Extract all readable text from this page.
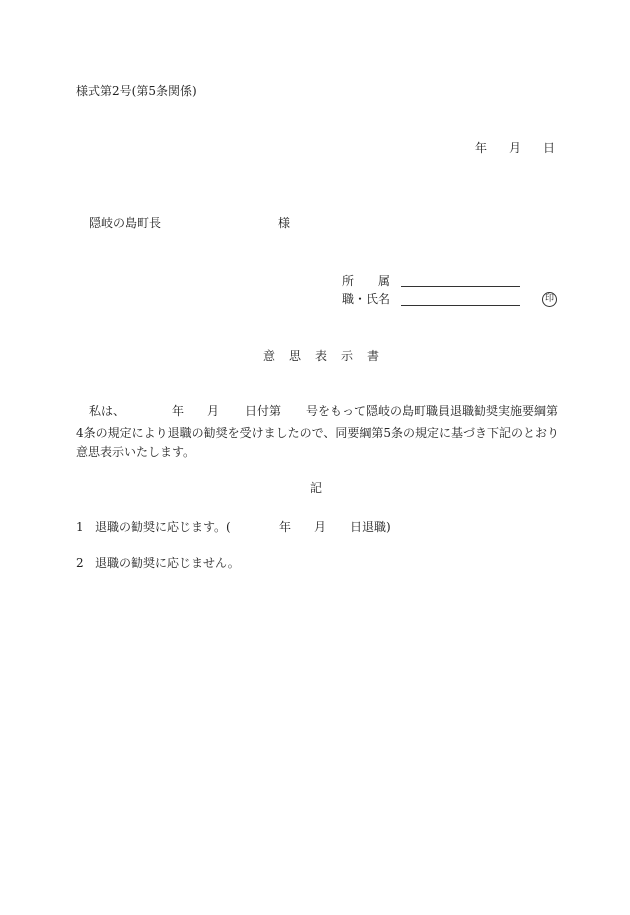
様式第2号(第5条関係)
年 月 日
隠岐の島町長	様
所　　属
職・氏名	印
意　思　表　示　書
私は、	年 月 日付第 号をもって隠岐の島町職員退職勧奨実施要綱第
4条の規定により退職の勧奨を受けましたので、同要綱第5条の規定に基づき下記のとおり
意思表示いたします。
記
1 退職の勧奨に応じます。(	年 月 日退職)
2 退職の勧奨に応じません。
